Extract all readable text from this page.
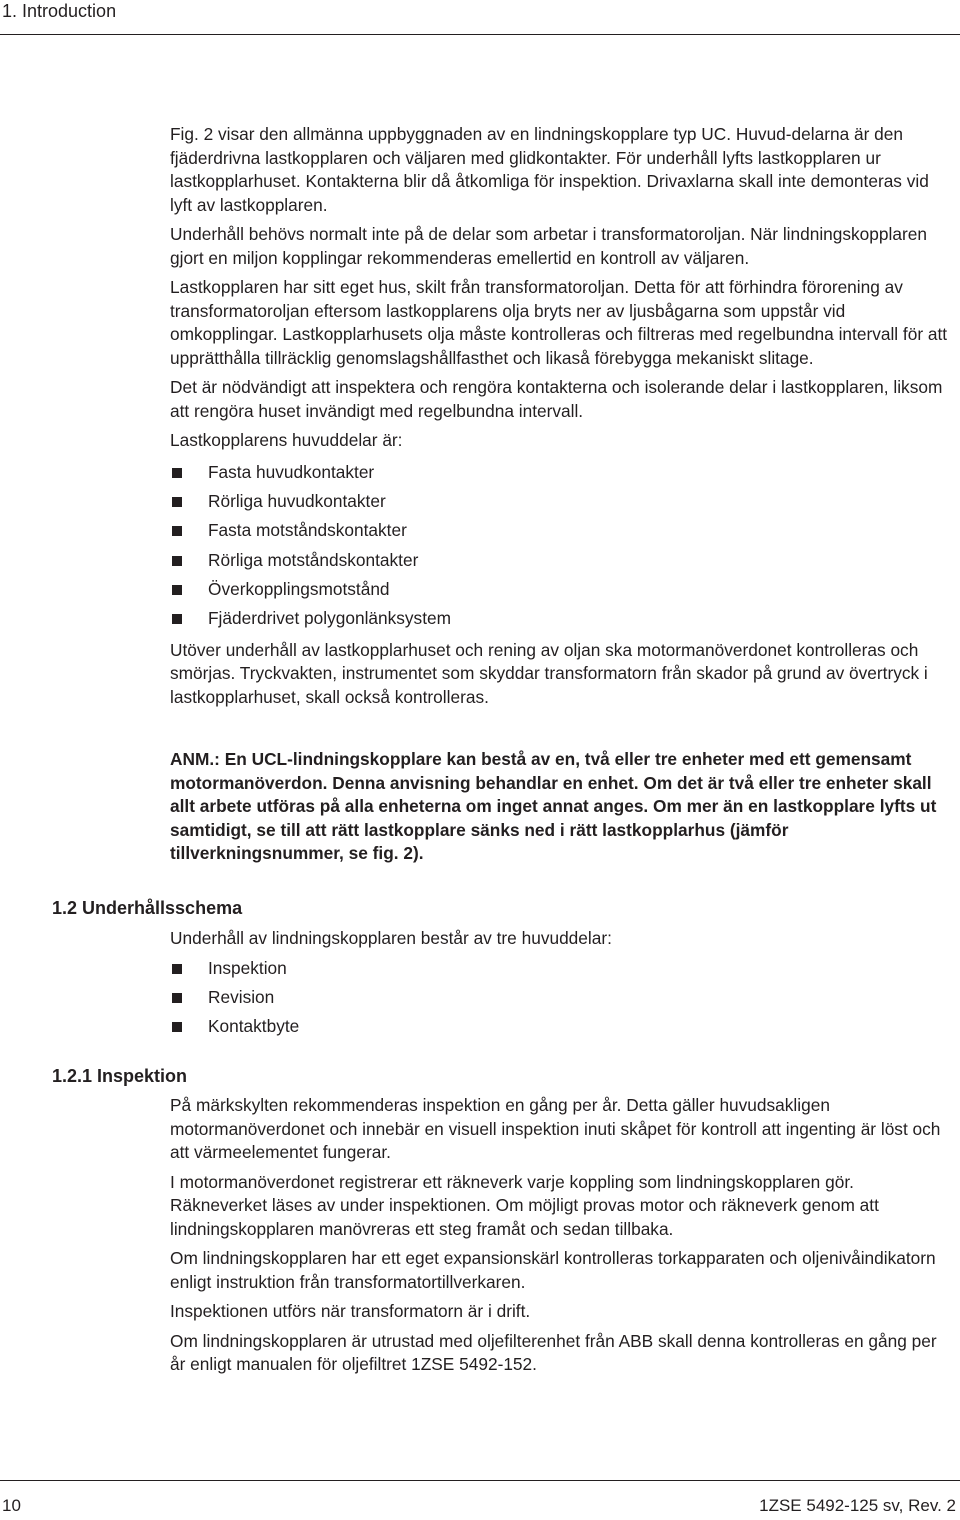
1. Introduction

Fig. 2 visar den allmänna uppbyggnaden av en lindningskopplare typ UC. Huvud-delarna är den fjäderdrivna lastkopplaren och väljaren med glidkontakter. För underhåll lyfts lastkopplaren ur lastkopplarhuset. Kontakterna blir då åtkomliga för inspektion. Drivaxlarna skall inte demonteras vid lyft av lastkopplaren.

Underhåll behövs normalt inte på de delar som arbetar i transformatoroljan. När lindningskopplaren gjort en miljon kopplingar rekommenderas emellertid en kontroll av väljaren.

Lastkopplaren har sitt eget hus, skilt från transformatoroljan. Detta för att förhindra förorening av transformatoroljan eftersom lastkopplarens olja bryts ner av ljusbågarna som uppstår vid omkopplingar. Lastkopplarhusets olja måste kontrolleras och filtreras med regelbundna intervall för att upprätthålla tillräcklig genomslagshållfasthet och likaså förebygga mekaniskt slitage.

Det är nödvändigt att inspektera och rengöra kontakterna och isolerande delar i lastkopplaren, liksom att rengöra huset invändigt med regelbundna intervall.

Lastkopplarens huvuddelar är:

Fasta huvudkontakter
Rörliga huvudkontakter
Fasta motståndskontakter
Rörliga motståndskontakter
Överkopplingsmotstånd
Fjäderdrivet polygonlänksystem

Utöver underhåll av lastkopplarhuset och rening av oljan ska motormanöverdonet kontrolleras och smörjas. Tryckvakten, instrumentet som skyddar transformatorn från skador på grund av övertryck i lastkopplarhuset, skall också kontrolleras.

ANM.: En UCL-lindningskopplare kan bestå av en, två eller tre enheter med ett gemensamt motormanöverdon. Denna anvisning behandlar en enhet. Om det är två eller tre enheter skall allt arbete utföras på alla enheterna om inget annat anges. Om mer än en lastkopplare lyfts ut samtidigt, se till att rätt lastkopplare sänks ned i rätt lastkopplarhus (jämför tillverkningsnummer, se fig. 2).
1.2 Underhållsschema

Underhåll av lindningskopplaren består av tre huvuddelar:

Inspektion
Revision
Kontaktbyte
1.2.1 Inspektion

På märkskylten rekommenderas inspektion en gång per år. Detta gäller huvudsakligen motormanöverdonet och innebär en visuell inspektion inuti skåpet för kontroll att ingenting är löst och att värmeelementet fungerar.

I motormanöverdonet registrerar ett räkneverk varje koppling som lindningskopplaren gör. Räkneverket läses av under inspektionen. Om möjligt provas motor och räkneverk genom att lindningskopplaren manövreras ett steg framåt och sedan tillbaka.

Om lindningskopplaren har ett eget expansionskärl kontrolleras torkapparaten och oljenivåindikatorn enligt instruktion från transformatortillverkaren.

Inspektionen utförs när transformatorn är i drift.

Om lindningskopplaren är utrustad med oljefilterenhet från ABB skall denna kontrolleras en gång per år enligt manualen för oljefiltret 1ZSE 5492-152.

10	1ZSE 5492-125 sv, Rev. 2
